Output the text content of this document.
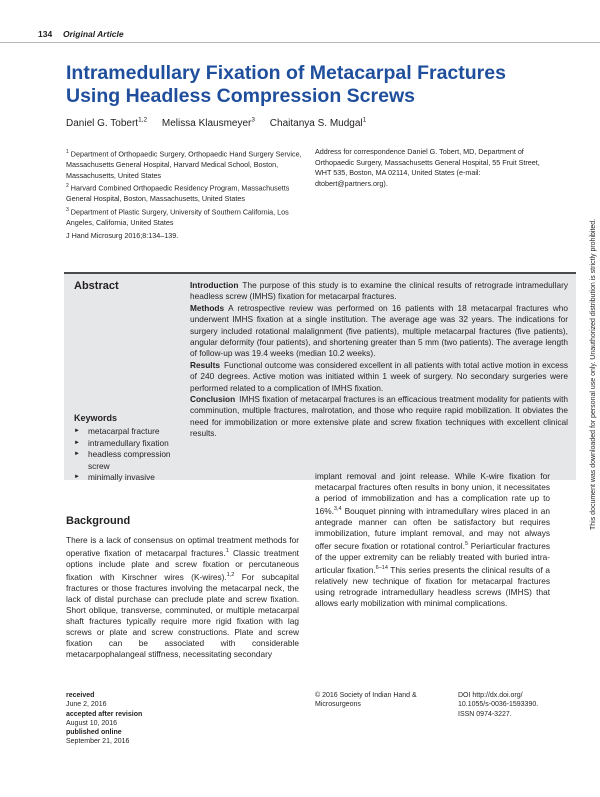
134 Original Article
Intramedullary Fixation of Metacarpal Fractures
Using Headless Compression Screws
Daniel G. Tobert$^{1,2}$ Melissa Klausmeyer$^3$ Chaitanya S. Mudgal$^1$

$^1$ Department of Orthopaedic Surgery, Orthopaedic Hand Surgery Service, Massachusetts General Hospital, Harvard Medical School, Boston, Massachusetts, United States

$^2$ Harvard Combined Orthopaedic Residency Program, Massachusetts General Hospital, Boston, Massachusetts, United States

$^3$ Department of Plastic Surgery, University of Southern California, Los Angeles, California, United States

J Hand Microsurg 2016;8:134–139.
Address for correspondence Daniel G. Tobert, MD, Department of Orthopaedic Surgery, Massachusetts General Hospital, 55 Fruit Street, WHT 535, Boston, MA 02114, United States (e-mail: dtobert@partners.org).
This document was downloaded for personal use only. Unauthorized distribution is strictly prohibited.
Abstract	Introduction The purpose of this study is to examine the clinical results of retrograde intramedullary headless screw (IMHS) fixation for metacarpal fractures.

Methods A retrospective review was performed on 16 patients with 18 metacarpal fractures who underwent IMHS fixation at a single institution. The average age was 32 years. The indications for surgery included rotational malalignment (five patients), multiple metacarpal fractures (five patients), angular deformity (four patients), and shortening greater than 5 mm (two patients). The average length of follow-up was 19.4 weeks (median 10.2 weeks).

Results Functional outcome was considered excellent in all patients with total active motion in excess of 240 degrees. Active motion was initiated within 1 week of surgery. No secondary surgeries were performed related to a complication of IMHS fixation.

Conclusion IMHS fixation of metacarpal fractures is an efficacious treatment modality for patients with comminution, multiple fractures, malrotation, and those who require rapid mobilization. It obviates the need for immobilization or more extensive plate and screw fixation techniques with excellent clinical results.

Keywords
► metacarpal fracture
► intramedullary fixation
► headless compression screw
► minimally invasive
Background
There is a lack of consensus on optimal treatment methods for operative fixation of metacarpal fractures.$^1$ Classic treatment options include plate and screw fixation or percutaneous fixation with Kirschner wires (K-wires).$^{1,2}$ For subcapital fractures or those fractures involving the metacarpal neck, the lack of distal purchase can preclude plate and screw fixation. Short oblique, transverse, comminuted, or multiple metacarpal shaft fractures typically require more rigid fixation with lag screws or plate and screw constructions. Plate and screw fixation can be associated with considerable metacarpophalangeal stiffness, necessitating secondary
implant removal and joint release. While K-wire fixation for metacarpal fractures often results in bony union, it necessitates a period of immobilization and has a complication rate up to 16%.$^{3,4}$ Bouquet pinning with intramedullary wires placed in an antegrade manner can often be satisfactory but requires immobilization, future implant removal, and may not always offer secure fixation or rotational control.$^5$ Periarticular fractures of the upper extremity can be reliably treated with buried intra-articular fixation.$^{6-14}$ This series presents the clinical results of a relatively new technique of fixation for metacarpal fractures using retrograde intramedullary headless screws (IMHS) that allows early mobilization with minimal complications.
received
June 2, 2016
accepted after revision
August 10, 2016
published online
September 21, 2016
© 2016 Society of Indian Hand & Microsurgeons
DOI http://dx.doi.org/
10.1055/s-0036-1593390.
ISSN 0974-3227.
